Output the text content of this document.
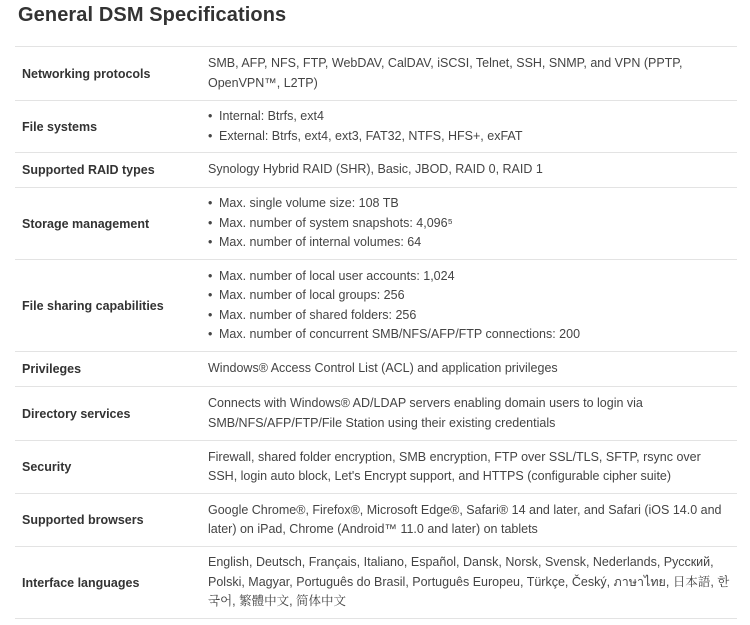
General DSM Specifications
Networking protocols
SMB, AFP, NFS, FTP, WebDAV, CalDAV, iSCSI, Telnet, SSH, SNMP, and VPN (PPTP, OpenVPN™, L2TP)
File systems
• Internal: Btrfs, ext4
• External: Btrfs, ext4, ext3, FAT32, NTFS, HFS+, exFAT
Supported RAID types	Synology Hybrid RAID (SHR), Basic, JBOD, RAID 0, RAID 1
Storage management
• Max. single volume size: 108 TB
• Max. number of system snapshots: 4,096⁵
• Max. number of internal volumes: 64
File sharing capabilities
• Max. number of local user accounts: 1,024
• Max. number of local groups: 256
• Max. number of shared folders: 256
• Max. number of concurrent SMB/NFS/AFP/FTP connections: 200
Privileges	Windows® Access Control List (ACL) and application privileges
Directory services
Connects with Windows® AD/LDAP servers enabling domain users to login via SMB/NFS/AFP/FTP/File Station using their existing credentials
Security
Firewall, shared folder encryption, SMB encryption, FTP over SSL/TLS, SFTP, rsync over SSH, login auto block, Let's Encrypt support, and HTTPS (configurable cipher suite)
Supported browsers
Google Chrome®, Firefox®, Microsoft Edge®, Safari® 14 and later, and Safari (iOS 14.0 and later) on iPad, Chrome (Android™ 11.0 and later) on tablets
Interface languages
English, Deutsch, Français, Italiano, Español, Dansk, Norsk, Svensk, Nederlands, Русский, Polski, Magyar, Português do Brasil, Português Europeu, Türkçe, Český, ภาษาไทย, 日本語, 한국어, 繁體中文, 简体中文
